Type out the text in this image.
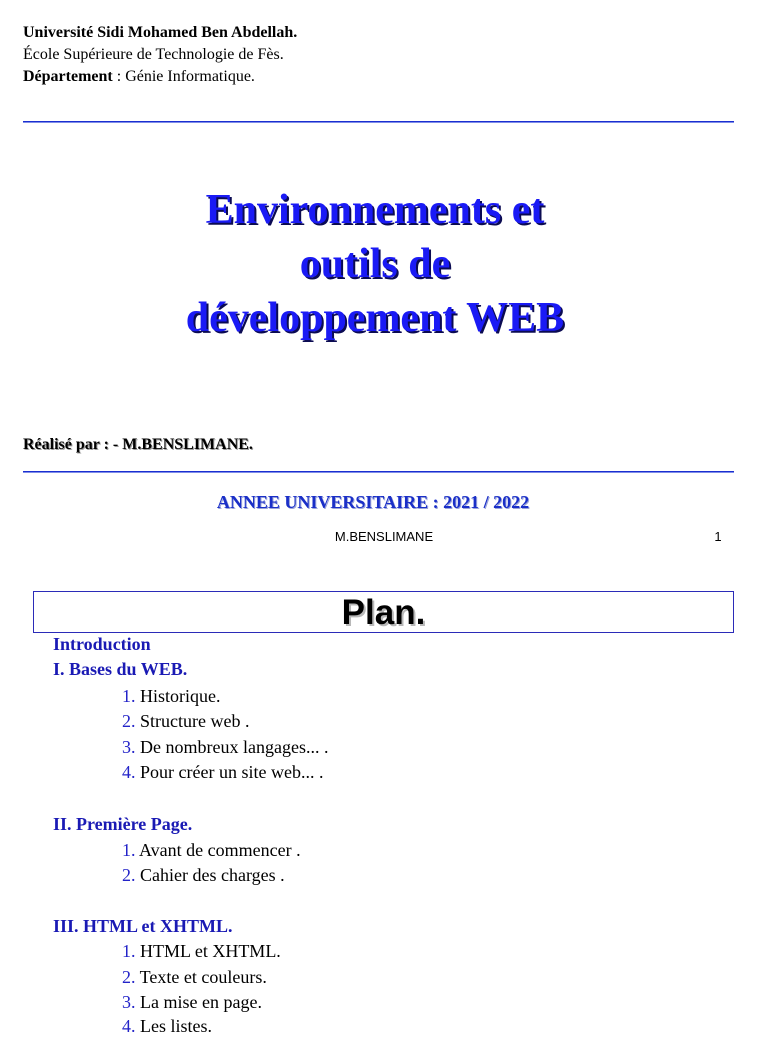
Université Sidi Mohamed Ben Abdellah.
École Supérieure de Technologie de Fès.
Département : Génie Informatique.
Environnements et
outils de
développement WEB
Réalisé par : - M.BENSLIMANE.
ANNEE UNIVERSITAIRE : 2021 / 2022
M.BENSLIMANE	1
Plan.
Introduction
I. Bases du WEB.
1. Historique.
2. Structure web .
3. De nombreux langages... .
4. Pour créer un site web... .
II. Première Page.
1. Avant de commencer .
2. Cahier des charges .
III. HTML et XHTML.
1. HTML et XHTML.
2. Texte et couleurs.
3. La mise en page.
4. Les listes.
